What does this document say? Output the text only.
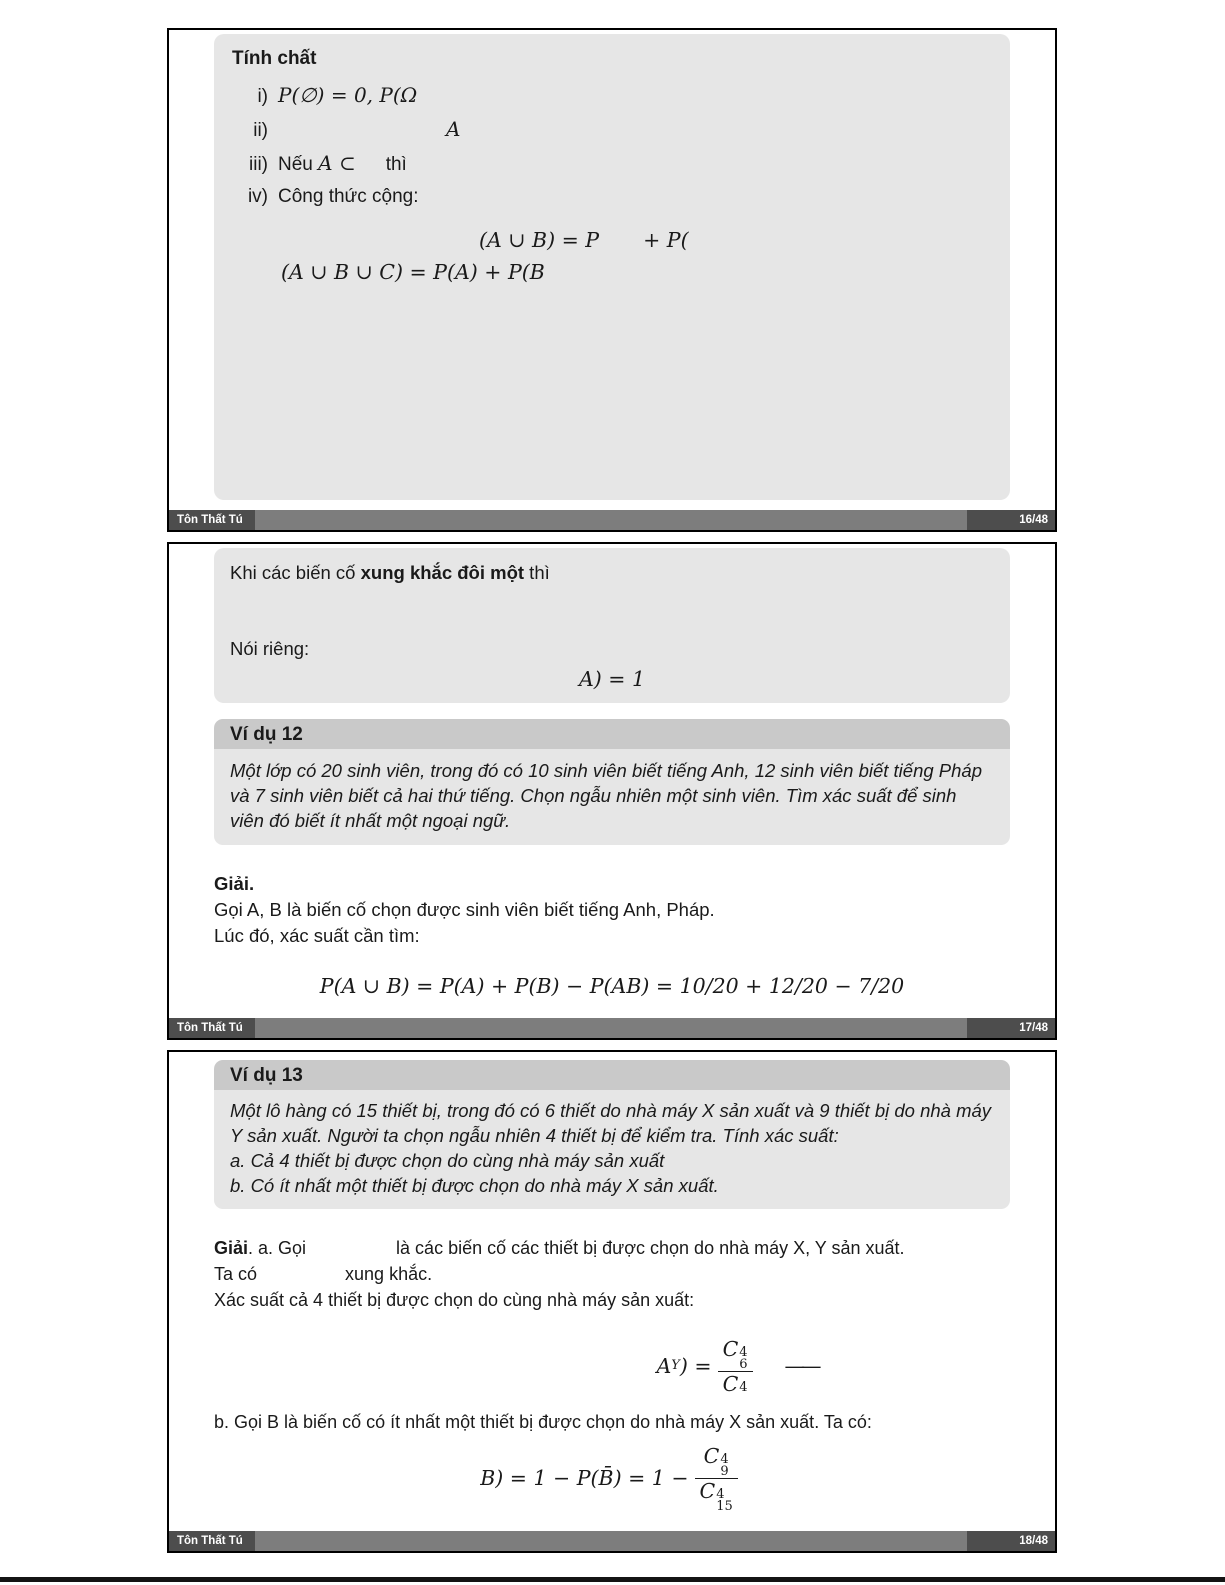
Tính chất
i) P(∅) = 0, P(Ω
ii)	A
iii) Nếu
A ⊂ thì
iv) Công thức cộng:
(A ∪ B) = P + P(
(A ∪ B ∪ C) = P(A) + P(B
Tôn Thất Tú	16/48
Khi các biến cố xung khắc đôi một thì
Nói riêng:
A) = 1
Ví dụ 12
Một lớp có 20 sinh viên, trong đó có 10 sinh viên biết tiếng Anh, 12 sinh viên biết tiếng Pháp và 7 sinh viên biết cả hai thứ tiếng. Chọn ngẫu nhiên một sinh viên. Tìm xác suất để sinh viên đó biết ít nhất một ngoại ngữ.
Giải.
Gọi A, B là biến cố chọn được sinh viên biết tiếng Anh, Pháp.
Lúc đó, xác suất cần tìm:
P(A ∪ B) = P(A) + P(B) − P(AB) = 10/20 + 12/20 − 7/20
Tôn Thất Tú	17/48
Ví dụ 13
Một lô hàng có 15 thiết bị, trong đó có 6 thiết do nhà máy X sản xuất và 9 thiết bị do nhà máy Y sản xuất. Người ta chọn ngẫu nhiên 4 thiết bị để kiểm tra. Tính xác suất:
a. Cả 4 thiết bị được chọn do cùng nhà máy sản xuất
b. Có ít nhất một thiết bị được chọn do nhà máy X sản xuất.
Giải. a. Gọi	là các biến cố các thiết bị được chọn do nhà máy X, Y sản xuất.
Ta có	xung khắc.
Xác suất cả 4 thiết bị được chọn do cùng nhà máy sản xuất:
A Y ) = C 4
6
C 4 ——
b. Gọi B là biến cố có ít nhất một thiết bị được chọn do nhà máy X sản xuất. Ta có:
B) = 1 − P(B̄) = 1 − C 4
9
C 4
15
Tôn Thất Tú	18/48
